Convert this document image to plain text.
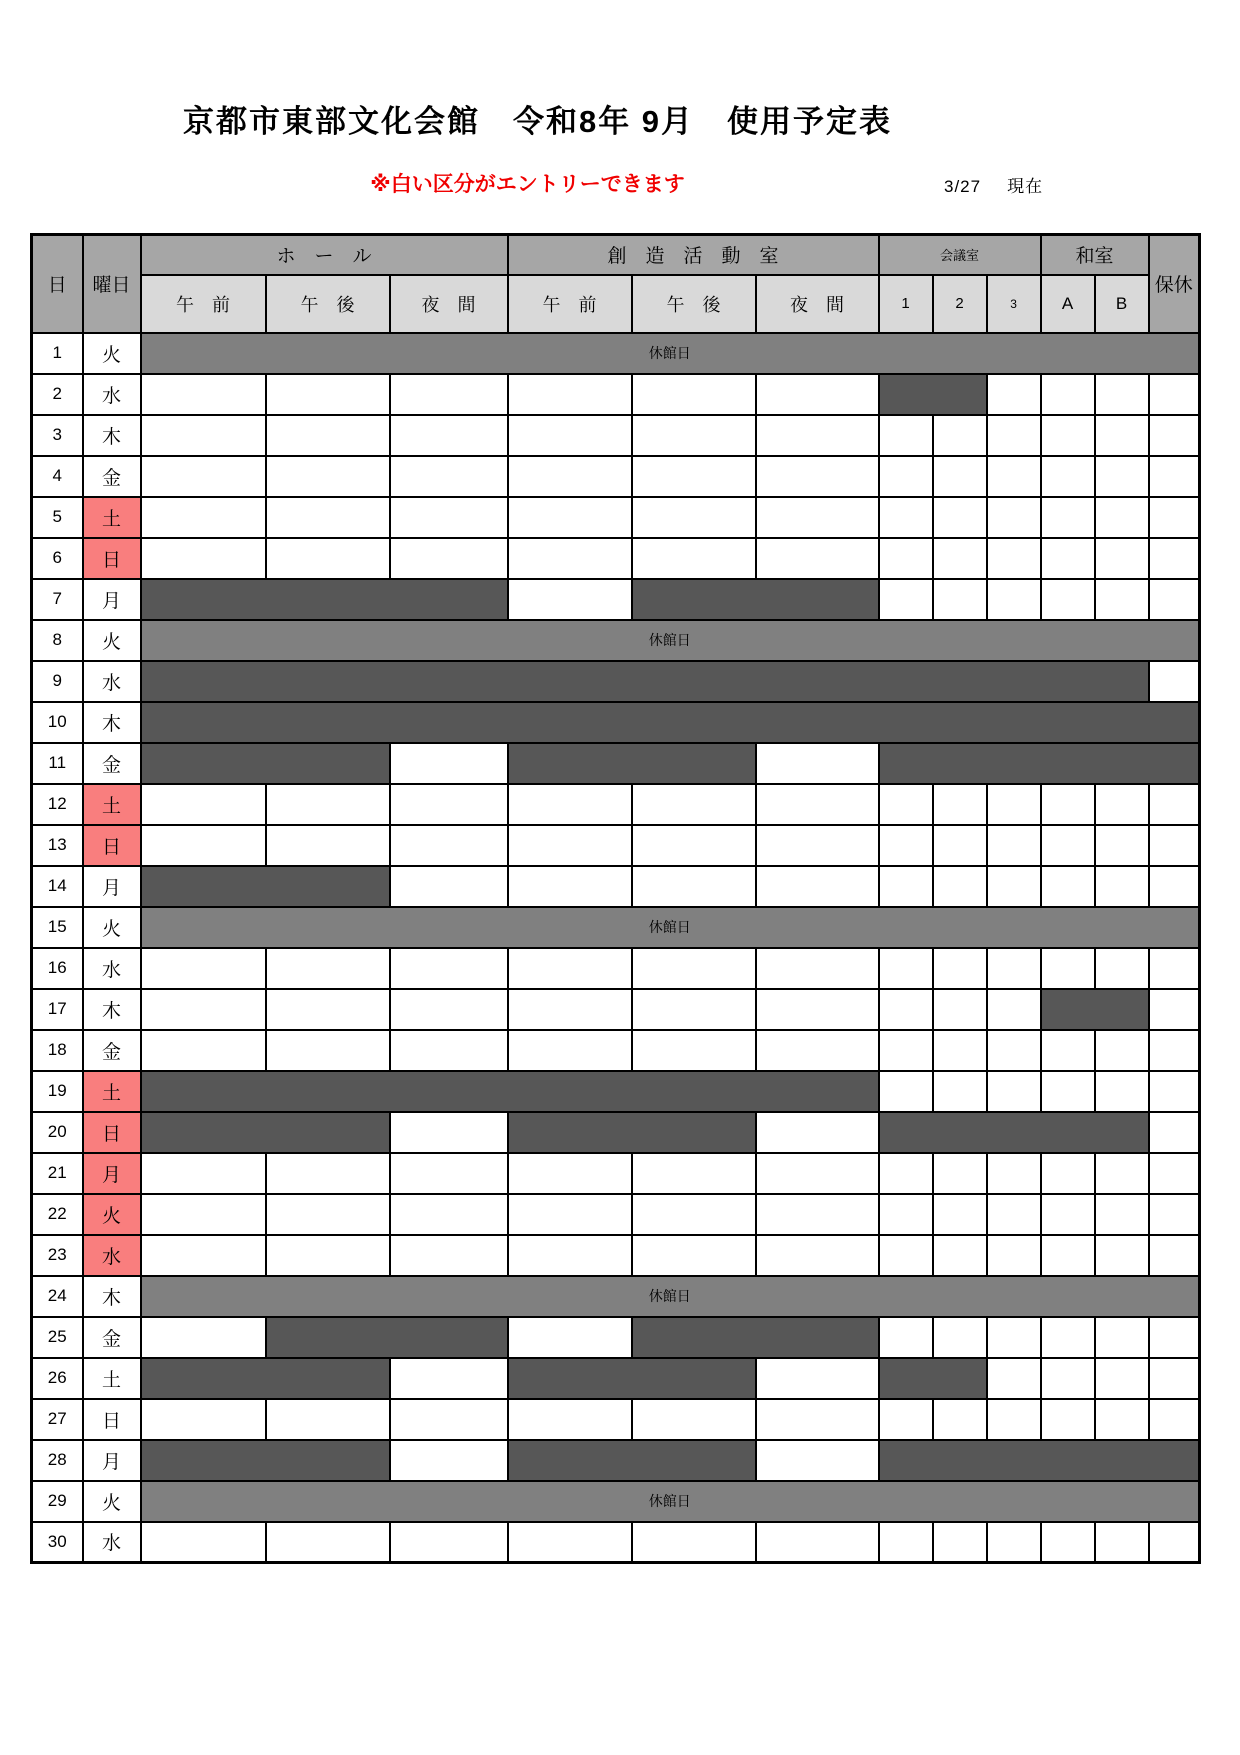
京都市東部文化会館　令和8年 9月　使用予定表
※白い区分がエントリーできます	3/27 現在
日	曜日	ホ　ー　ル			創　造　活　動　室			会議室			和室		保休
		午　前	午　後	夜　間	午　前	午　後	夜　間	1	2	3	A	B	
1	火	休館日											
2	水												
3	木												
4	金												
5	土												
6	日												
7	月												
8	火	休館日											
9	水												
10	木												
11	金												
12	土												
13	日												
14	月												
15	火	休館日											
16	水												
17	木												
18	金												
19	土												
20	日												
21	月												
22	火												
23	水												
24	木	休館日											
25	金												
26	土												
27	日												
28	月												
29	火	休館日											
30	水												
